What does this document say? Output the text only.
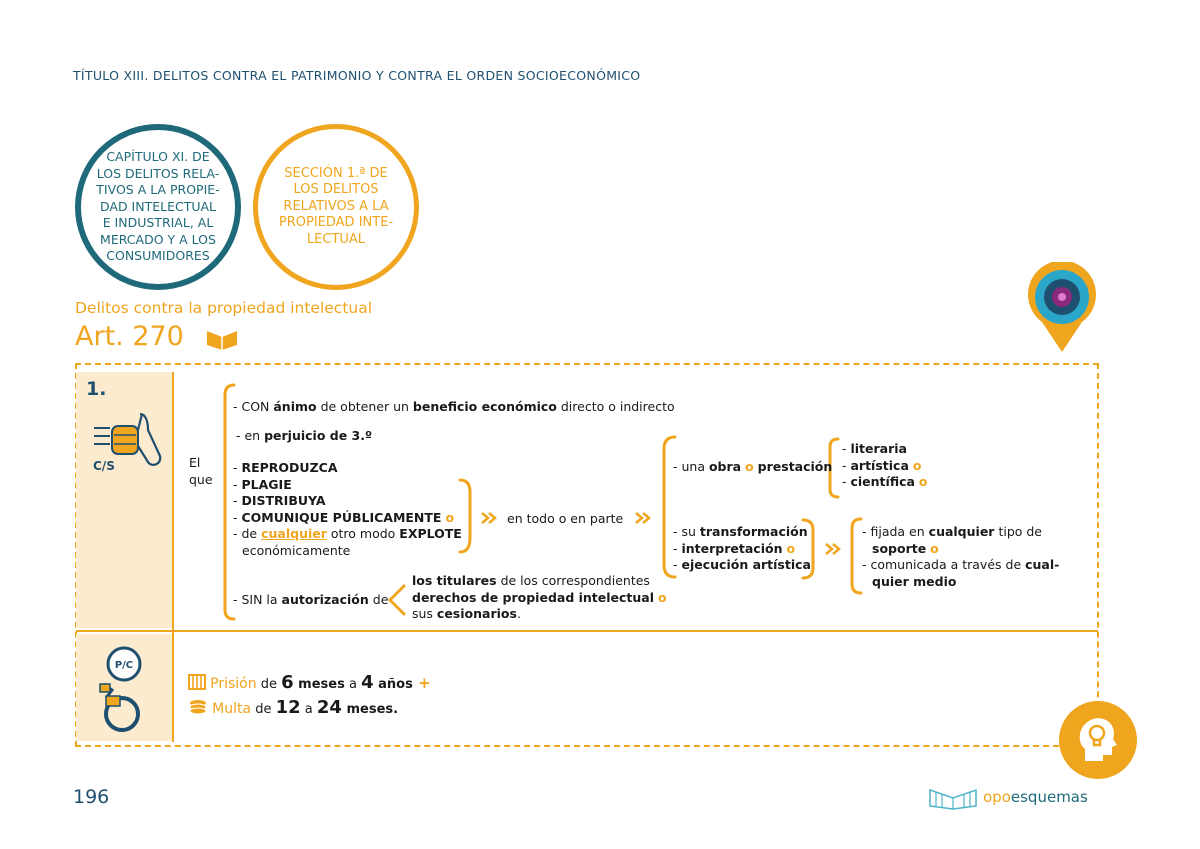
TÍTULO XIII. DELITOS CONTRA EL PATRIMONIO Y CONTRA EL ORDEN SOCIOECONÓMICO
CAPÍTULO XI. DE LOS DELITOS RELA- TIVOS A LA PROPIE- DAD INTELECTUAL E INDUSTRIAL, AL MERCADO Y A LOS CONSUMIDORES
SECCIÓN 1.ª DE LOS DELITOS RELATIVOS A LA PROPIEDAD INTE- LECTUAL
Delitos contra la propiedad intelectual
Art. 270
1.
C/S
P/C
El que
- CON ánimo de obtener un beneficio económico directo o indirecto
- en perjuicio de 3.º
- REPRODUZCA
- PLAGIE
- DISTRIBUYA
- COMUNIQUE PÚBLICAMENTE o
- de cualquier otro modo EXPLOTE
económicamente
en todo o en parte
- SIN la autorización de
los titulares de los correspondientes
derechos de propiedad intelectual o
sus cesionarios.
- una obra o prestación
- literaria
- artística o
- científica o
- su transformación
- interpretación o
- ejecución artística
- fijada en cualquier tipo de
soporte o
- comunicada a través de cual-
quier medio
Prisión de 6 meses a 4 años +
Multa de 12 a 24 meses.
196	opoesquemas
